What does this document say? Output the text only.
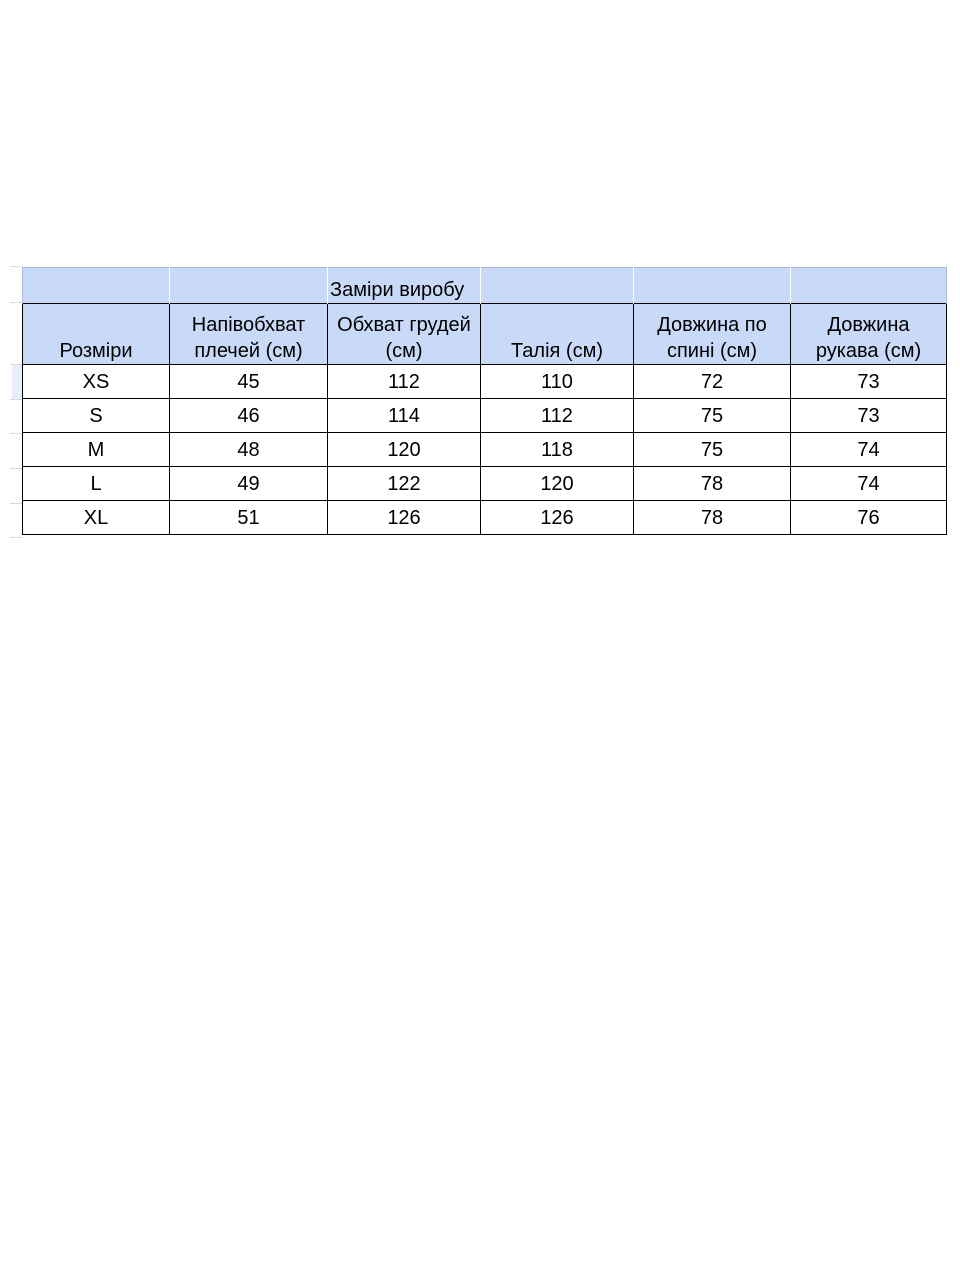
		Заміри виробу			

Розміри	Напівобхват плечей (см)	Обхват грудей (см)	Талія (см)	Довжина по спині (см)	Довжина рукава (см)

XS	45	112	110	72	73
S	46	114	112	75	73
M	48	120	118	75	74
L	49	122	120	78	74
XL	51	126	126	78	76
